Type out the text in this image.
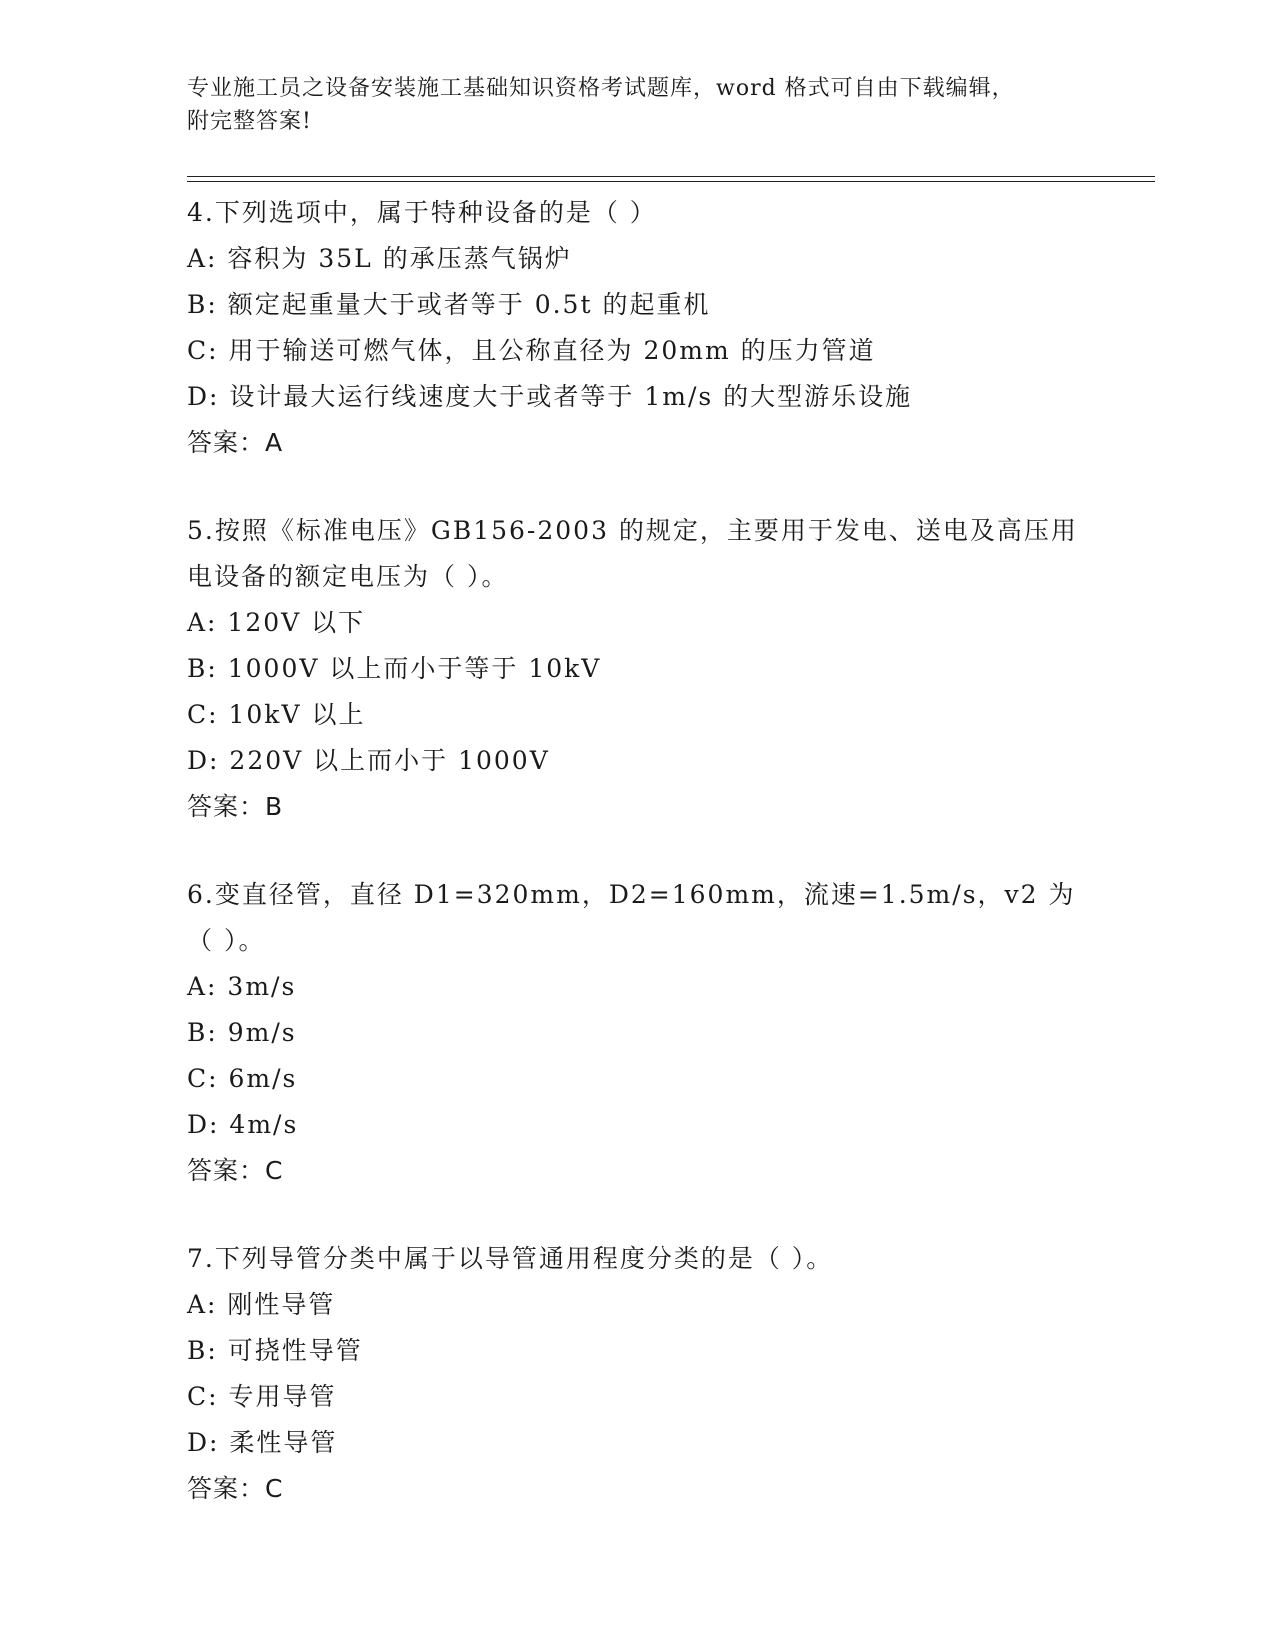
专业施工员之设备安装施工基础知识资格考试题库，word 格式可自由下载编辑，
附完整答案!
4.下列选项中，属于特种设备的是（ ）
A: 容积为 35L 的承压蒸气锅炉
B: 额定起重量大于或者等于 0.5t 的起重机
C: 用于输送可燃气体，且公称直径为 20mm 的压力管道
D: 设计最大运行线速度大于或者等于 1m/s 的大型游乐设施
答案：A
5.按照《标准电压》GB156-2003 的规定，主要用于发电、送电及高压用电设备的额定电压为（ ）。
A: 120V 以下
B: 1000V 以上而小于等于 10kV
C: 10kV 以上
D: 220V 以上而小于 1000V
答案：B
6.变直径管，直径 D1=320mm，D2=160mm，流速=1.5m/s，v2 为（ ）。
A: 3m/s
B: 9m/s
C: 6m/s
D: 4m/s
答案：C
7.下列导管分类中属于以导管通用程度分类的是（ ）。
A: 刚性导管
B: 可挠性导管
C: 专用导管
D: 柔性导管
答案：C
